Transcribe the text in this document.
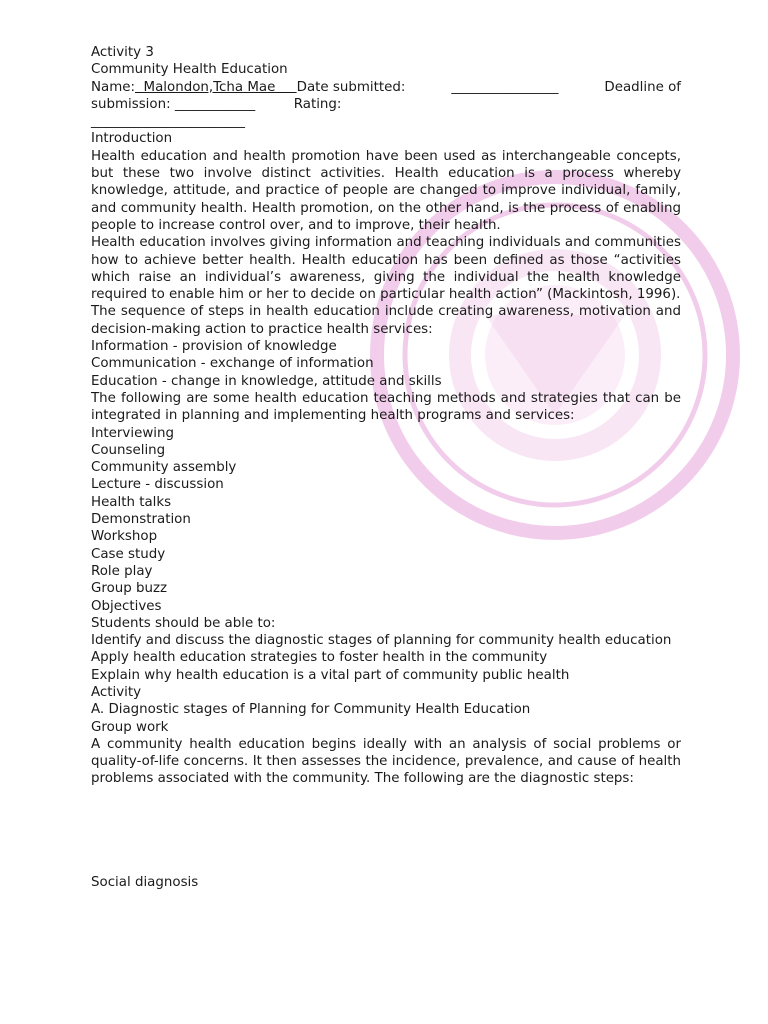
Activity 3
Community Health Education
Name:  Malondon,Tcha Mae     Date submitted:	________________	Deadline of
submission: ____________	Rating:
_______________________
Introduction
Health education and health promotion have been used as interchangeable concepts, but these two involve distinct activities. Health education is a process whereby knowledge, attitude, and practice of people are changed to improve individual, family, and community health. Health promotion, on the other hand, is the process of enabling people to increase control over, and to improve, their health.
Health education involves giving information and teaching individuals and communities how to achieve better health. Health education has been defined as those “activities which raise an individual’s awareness, giving the individual the health knowledge required to enable him or her to decide on particular health action” (Mackintosh, 1996).
The sequence of steps in health education include creating awareness, motivation and decision-making action to practice health services:
Information - provision of knowledge
Communication - exchange of information
Education - change in knowledge, attitude and skills
The following are some health education teaching methods and strategies that can be integrated in planning and implementing health programs and services:
Interviewing
Counseling
Community assembly
Lecture - discussion
Health talks
Demonstration
Workshop
Case study
Role play
Group buzz
Objectives
Students should be able to:
Identify and discuss the diagnostic stages of planning for community health education
Apply health education strategies to foster health in the community
Explain why health education is a vital part of community public health
Activity
A. Diagnostic stages of Planning for Community Health Education
Group work
A community health education begins ideally with an analysis of social problems or quality-of-life concerns. It then assesses the incidence, prevalence, and cause of health problems associated with the community. The following are the diagnostic steps:
Social diagnosis
